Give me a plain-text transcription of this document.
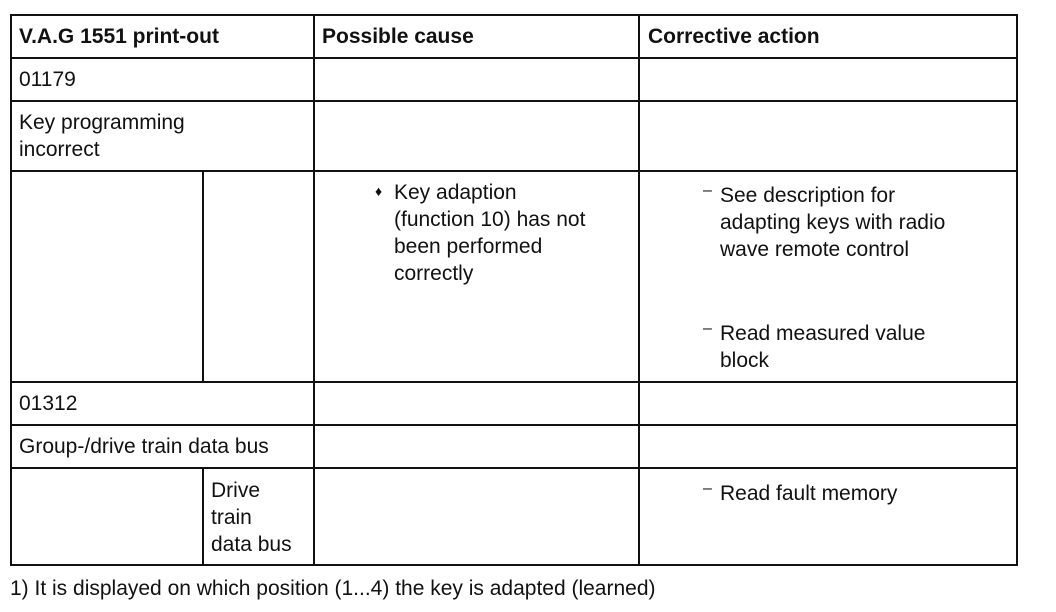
V.A.G 1551 print-out	Possible cause	Corrective action
01179
Key programming
incorrect
♦ Key adaption
(function 10) has not
been performed
correctly
– See description for
adapting keys with radio
wave remote control
– Read measured value
block
01312
Group-/drive train data bus
Drive
train
data bus
– Read fault memory
1) It is displayed on which position (1...4) the key is adapted (learned)
